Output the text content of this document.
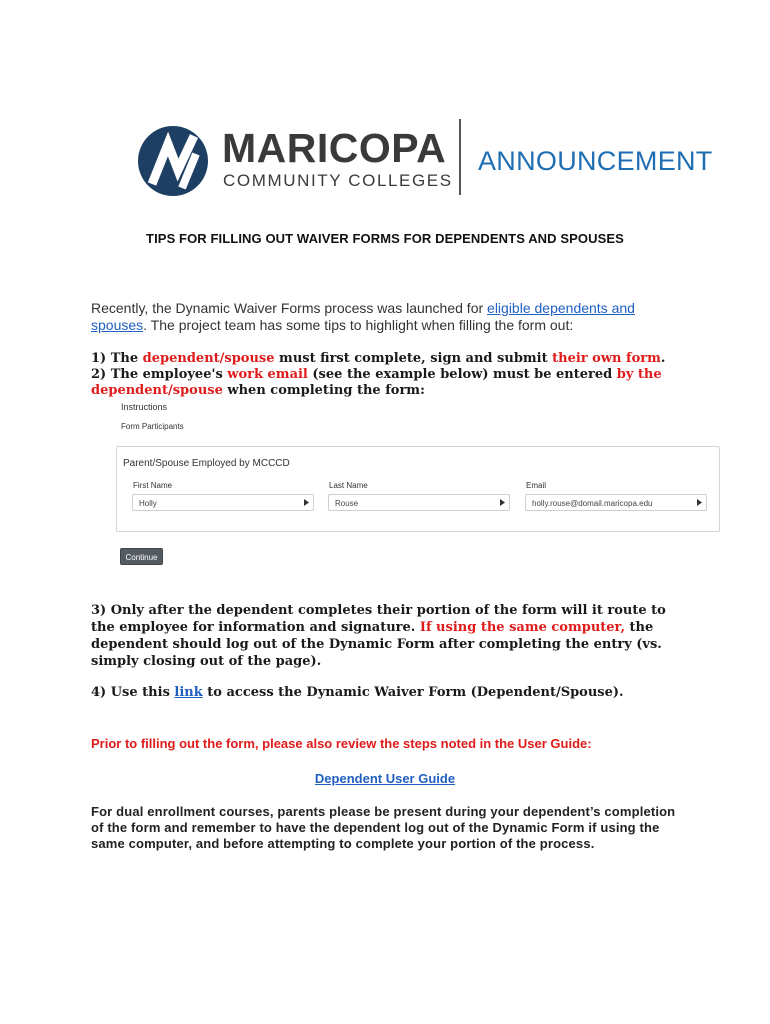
MARICOPA
COMMUNITY COLLEGES
ANNOUNCEMENT
TIPS FOR FILLING OUT WAIVER FORMS FOR DEPENDENTS AND SPOUSES
Recently, the Dynamic Waiver Forms process was launched for eligible dependents and spouses. The project team has some tips to highlight when filling the form out:
1) The dependent/spouse must first complete, sign and submit their own form.
2) The employee's work email (see the example below) must be entered by the dependent/spouse when completing the form:
Instructions
Form Participants
Parent/Spouse Employed by MCCCD
First Name
Holly
Last Name
Rouse
Email
holly.rouse@domail.maricopa.edu
Continue
3) Only after the dependent completes their portion of the form will it route to the employee for information and signature. If using the same computer, the dependent should log out of the Dynamic Form after completing the entry (vs. simply closing out of the page).
4) Use this link to access the Dynamic Waiver Form (Dependent/Spouse).
Prior to filling out the form, please also review the steps noted in the User Guide:
Dependent User Guide
For dual enrollment courses, parents please be present during your dependent’s completion of the form and remember to have the dependent log out of the Dynamic Form if using the same computer, and before attempting to complete your portion of the process.
